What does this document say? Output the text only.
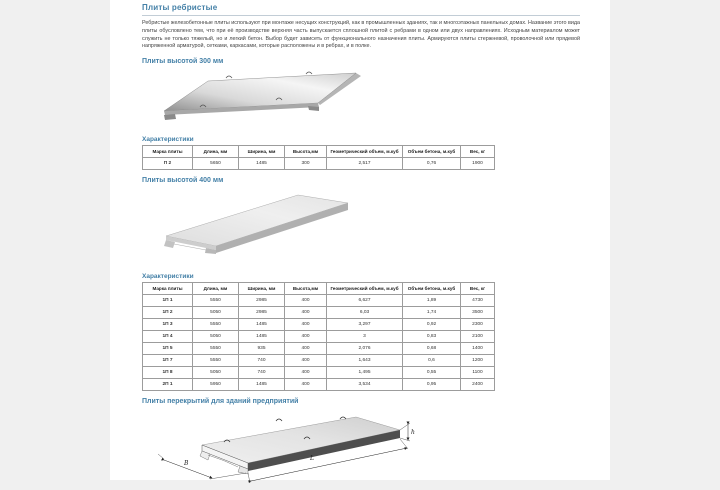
Плиты ребристые

Ребристые железобетонные плиты используют при монтаже несущих конструкций, как в промышленных зданиях, так и многоэтажных панельных домах. Название этого вида плиты обусловлено тем, что при её производстве верхняя часть выпускается сплошной плитой с ребрами в одном или двух направлениях. Исходным материалом может служить не только тяжелый, но и легкий бетон. Выбор будет зависеть от функционального назначения плиты. Армируются плиты стержневой, проволочной или прядевой напряженной арматурой, сетками, каркасами, которые расположены и в ребрах, и в полке.

Плиты высотой 300 мм
Характеристики
Марка плиты	Длина, мм	Ширина, мм	Высота,мм	Геометрический объем, м.куб	Объем бетона, м.куб	Вес, кг
П 2	5650	1485	300	2,517	0,76	1900
Плиты высотой 400 мм
Характеристики
Марка плиты	Длина, мм	Ширина, мм	Высота,мм	Геометрический объем, м.куб	Объем бетона, м.куб	Вес, кг
1П 1	5550	2985	400	6,627	1,89	4730
1П 2	5050	2985	400	6,03	1,74	3500
1П 3	5550	1485	400	3,297	0,92	2300
1П 4	5050	1485	400	3	0,83	2100
1П 5	5550	935	400	2,076	0,68	1400
1П 7	5550	740	400	1,643	0,6	1200
1П 8	5050	740	400	1,495	0,55	1100
2П 1	5950	1485	400	3,534	0,95	2400
Плиты перекрытий для зданий предприятий
B
L
h
